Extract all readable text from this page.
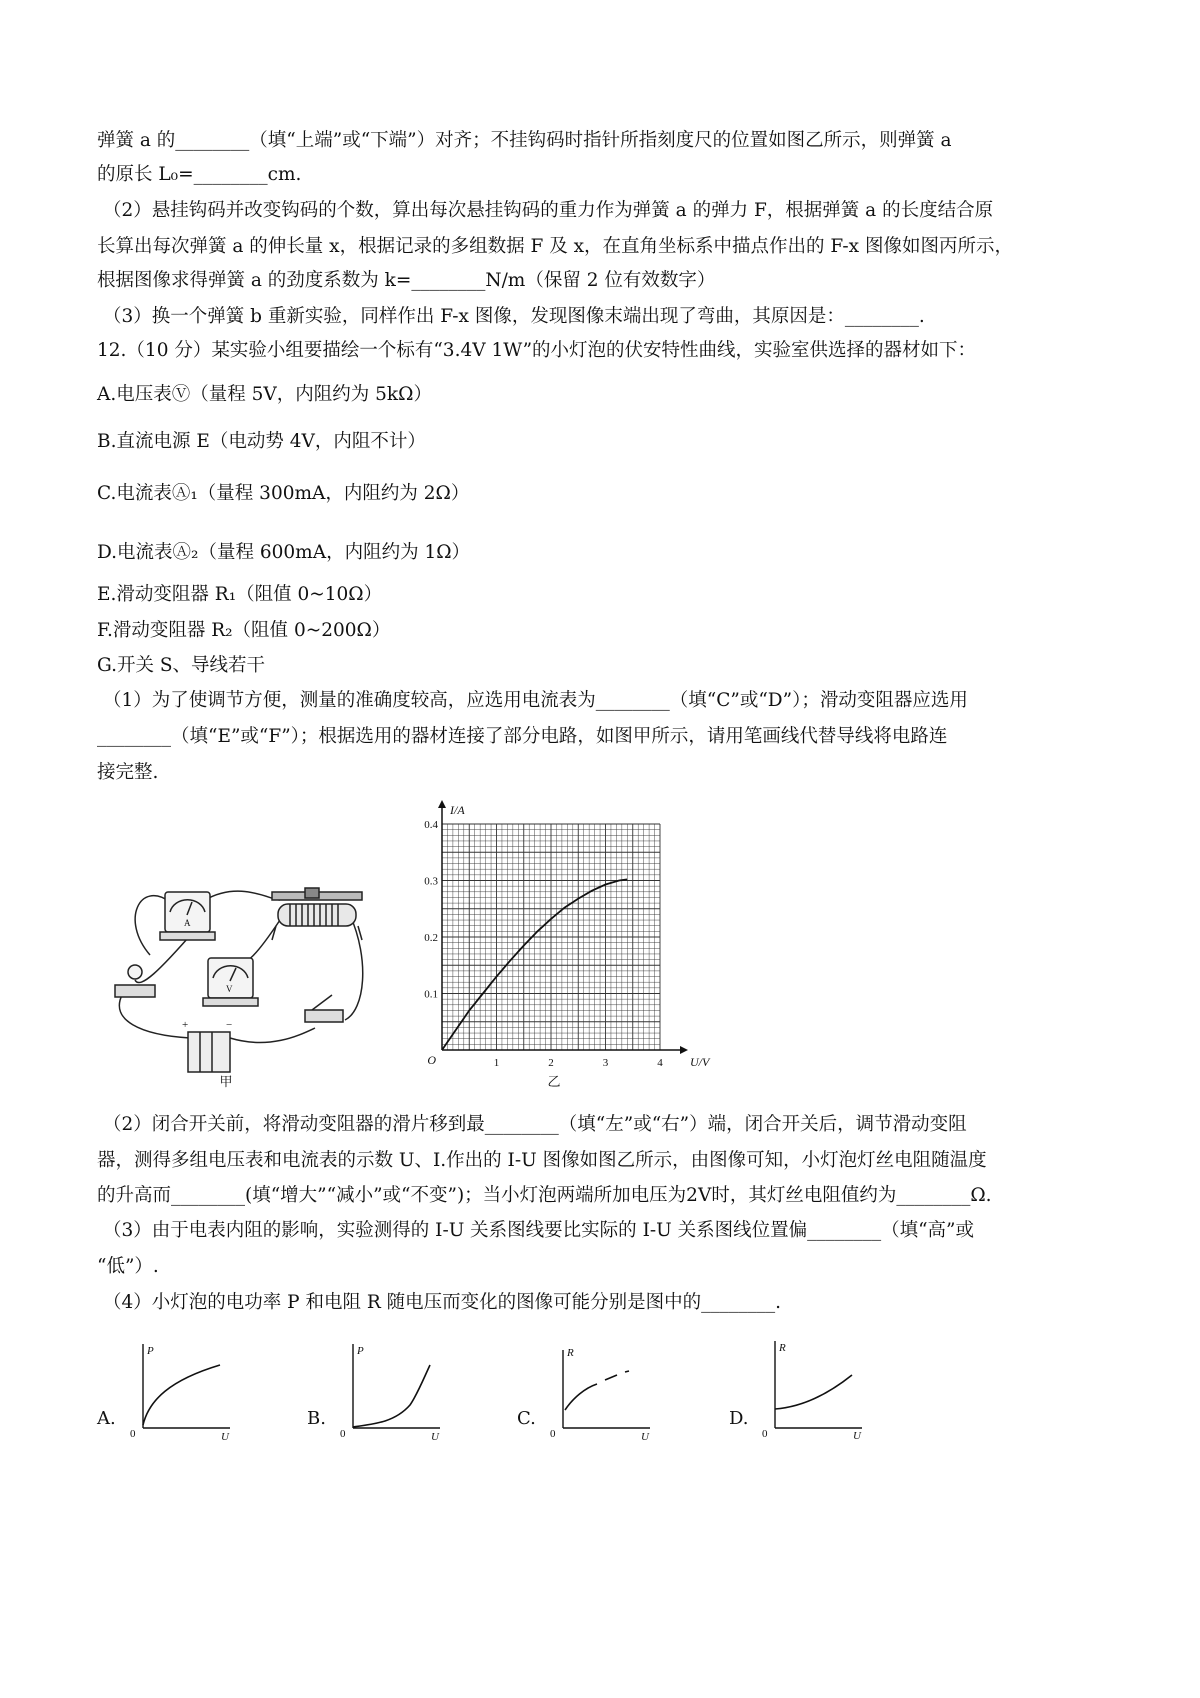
弹簧 a 的________（填“上端”或“下端”）对齐；不挂钩码时指针所指刻度尺的位置如图乙所示，则弹簧 a
的原长 L₀=________cm.
（2）悬挂钩码并改变钩码的个数，算出每次悬挂钩码的重力作为弹簧 a 的弹力 F，根据弹簧 a 的长度结合原
长算出每次弹簧 a 的伸长量 x，根据记录的多组数据 F 及 x，在直角坐标系中描点作出的 F-x 图像如图丙所示，
根据图像求得弹簧 a 的劲度系数为 k=________N/m（保留 2 位有效数字）
（3）换一个弹簧 b 重新实验，同样作出 F-x 图像，发现图像末端出现了弯曲，其原因是：________.
12.（10 分）某实验小组要描绘一个标有“3.4V 1W”的小灯泡的伏安特性曲线，实验室供选择的器材如下：
A.电压表Ⓥ（量程 5V，内阻约为 5kΩ）
B.直流电源 E（电动势 4V，内阻不计）
C.电流表Ⓐ₁（量程 300mA，内阻约为 2Ω）
D.电流表Ⓐ₂（量程 600mA，内阻约为 1Ω）
E.滑动变阻器 R₁（阻值 0~10Ω）
F.滑动变阻器 R₂（阻值 0~200Ω）
G.开关 S、导线若干
（1）为了使调节方便，测量的准确度较高，应选用电流表为________（填“C”或“D”）；滑动变阻器应选用
________（填“E”或“F”）；根据选用的器材连接了部分电路，如图甲所示，请用笔画线代替导线将电路连
接完整.
（2）闭合开关前，将滑动变阻器的滑片移到最________（填“左”或“右”）端，闭合开关后，调节滑动变阻
器，测得多组电压表和电流表的示数 U、I.作出的 I-U 图像如图乙所示，由图像可知，小灯泡灯丝电阻随温度
的升高而________(填“增大”“减小”或“不变”)；当小灯泡两端所加电压为2V时，其灯丝电阻值约为________Ω.
（3）由于电表内阻的影响，实验测得的 I-U 关系图线要比实际的 I-U 关系图线位置偏________（填“高”或
“低”）.
（4）小灯泡的电功率 P 和电阻 R 随电压而变化的图像可能分别是图中的________.
A
V
+	−
甲
1	2	3	4
0.1
0.2
0.3
0.4
O	U/V
I/A
乙
A.	B.	C.	D.
P
U
0
P
U
0
R
U
0
R
U
0
